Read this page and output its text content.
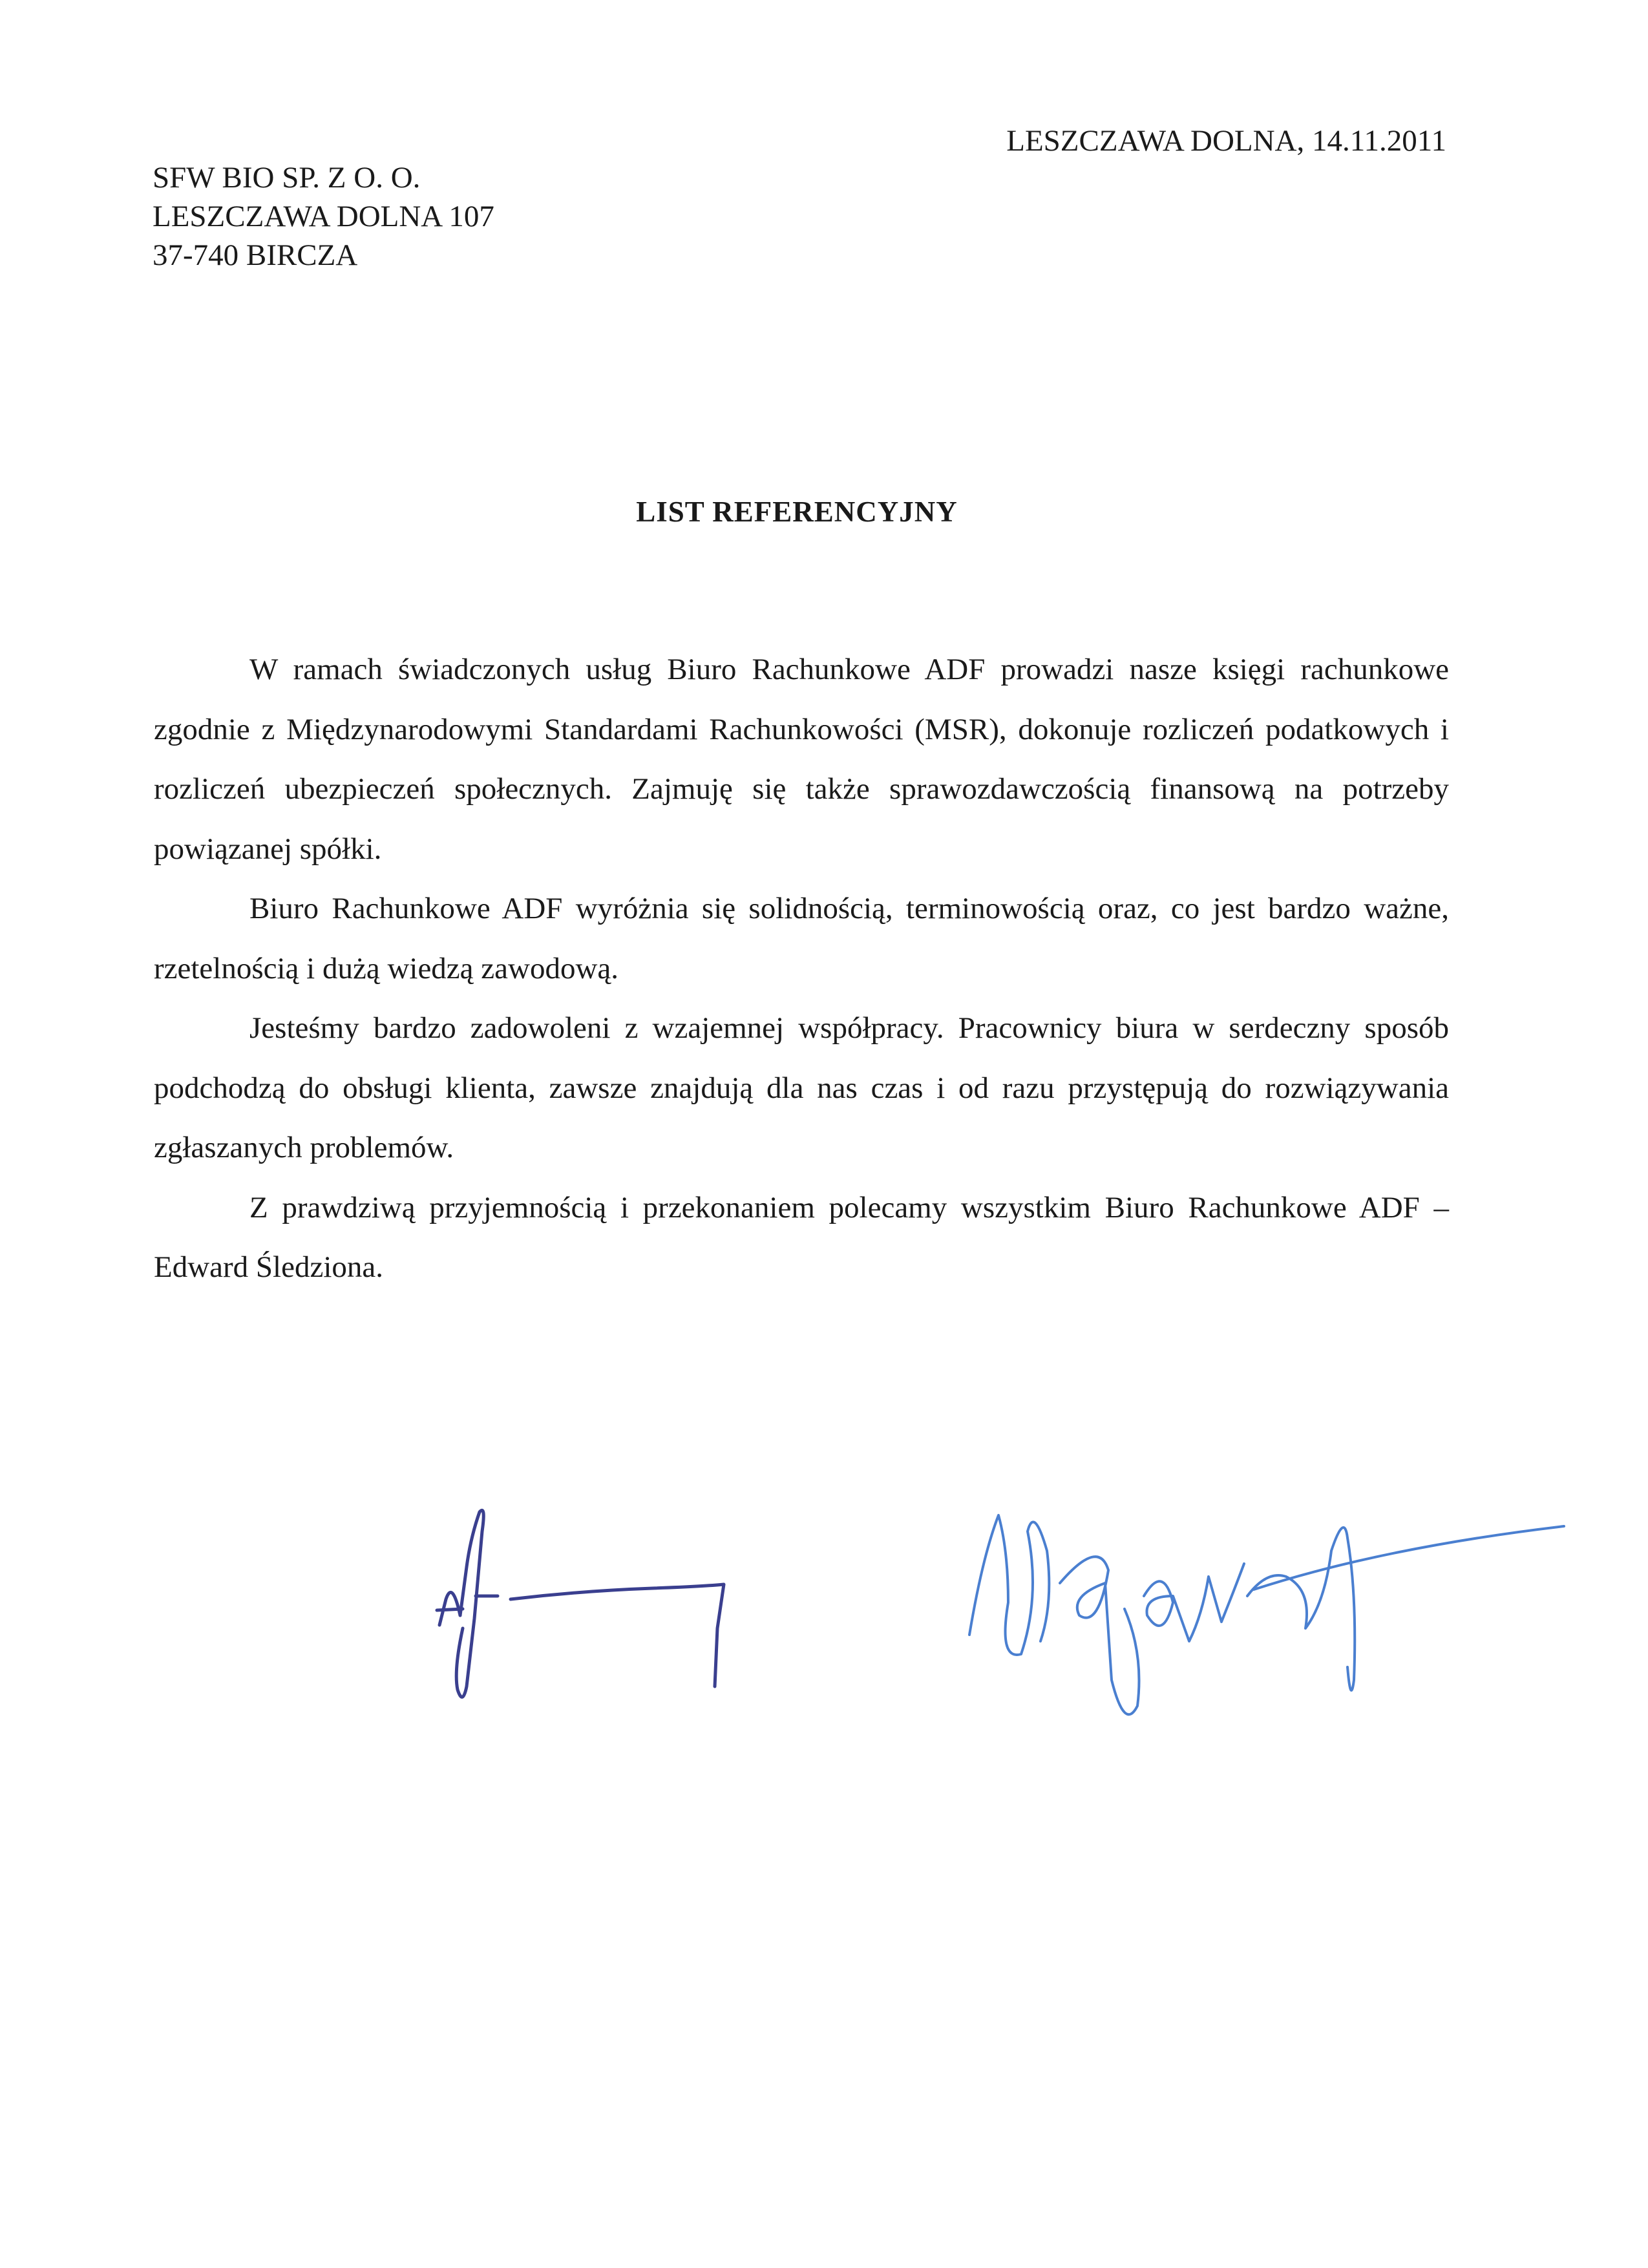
LESZCZAWA DOLNA, 14.11.2011
SFW BIO SP. Z O. O.
LESZCZAWA DOLNA 107
37-740 BIRCZA
LIST REFERENCYJNY

W ramach świadczonych usług Biuro Rachunkowe ADF prowadzi nasze księgi rachunkowe zgodnie z Międzynarodowymi Standardami Rachunkowości (MSR), dokonuje rozliczeń podatkowych i rozliczeń ubezpieczeń społecznych. Zajmuję się także sprawozdawczością finansową na potrzeby powiązanej spółki.

Biuro Rachunkowe ADF wyróżnia się solidnością, terminowością oraz, co jest bardzo ważne, rzetelnością i dużą wiedzą zawodową.

Jesteśmy bardzo zadowoleni z wzajemnej współpracy. Pracownicy biura w serdeczny sposób podchodzą do obsługi klienta, zawsze znajdują dla nas czas i od razu przystępują do rozwiązywania zgłaszanych problemów.

Z prawdziwą przyjemnością i przekonaniem polecamy wszystkim Biuro Rachunkowe ADF – Edward Śledziona.
